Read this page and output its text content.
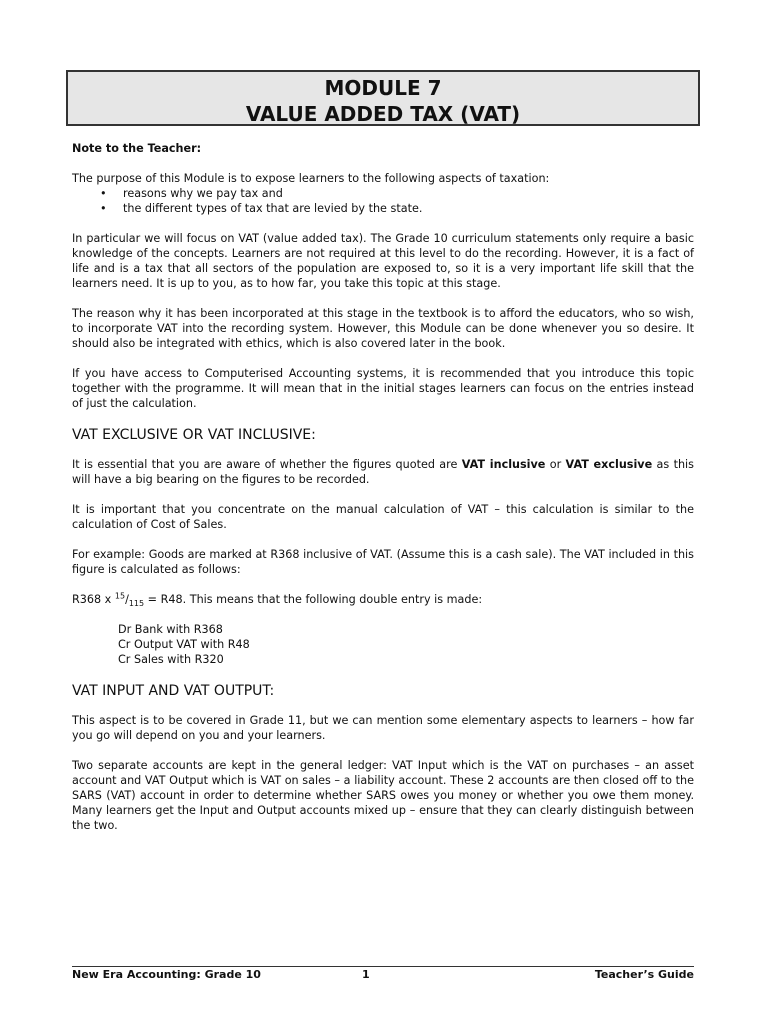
MODULE 7
VALUE ADDED TAX (VAT)

Note to the Teacher:

The purpose of this Module is to expose learners to the following aspects of taxation:

• reasons why we pay tax and
• the different types of tax that are levied by the state.

In particular we will focus on VAT (value added tax). The Grade 10 curriculum statements only require a basic knowledge of the concepts. Learners are not required at this level to do the recording. However, it is a fact of life and is a tax that all sectors of the population are exposed to, so it is a very important life skill that the learners need. It is up to you, as to how far, you take this topic at this stage.

The reason why it has been incorporated at this stage in the textbook is to afford the educators, who so wish, to incorporate VAT into the recording system. However, this Module can be done whenever you so desire. It should also be integrated with ethics, which is also covered later in the book.

If you have access to Computerised Accounting systems, it is recommended that you introduce this topic together with the programme. It will mean that in the initial stages learners can focus on the entries instead of just the calculation.

VAT EXCLUSIVE OR VAT INCLUSIVE:

It is essential that you are aware of whether the figures quoted are VAT inclusive or VAT exclusive as this will have a big bearing on the figures to be recorded.

It is important that you concentrate on the manual calculation of VAT – this calculation is similar to the calculation of Cost of Sales.

For example: Goods are marked at R368 inclusive of VAT. (Assume this is a cash sale). The VAT included in this figure is calculated as follows:

R368 x $^{15}/_{115} = R48$. This means that the following double entry is made:

Dr Bank with R368
Cr Output VAT with R48
Cr Sales with R320
VAT INPUT AND VAT OUTPUT:

This aspect is to be covered in Grade 11, but we can mention some elementary aspects to learners – how far you go will depend on you and your learners.

Two separate accounts are kept in the general ledger: VAT Input which is the VAT on purchases – an asset account and VAT Output which is VAT on sales – a liability account. These 2 accounts are then closed off to the SARS (VAT) account in order to determine whether SARS owes you money or whether you owe them money. Many learners get the Input and Output accounts mixed up – ensure that they can clearly distinguish between the two.

New Era Accounting: Grade 10	1	Teacher’s Guide
